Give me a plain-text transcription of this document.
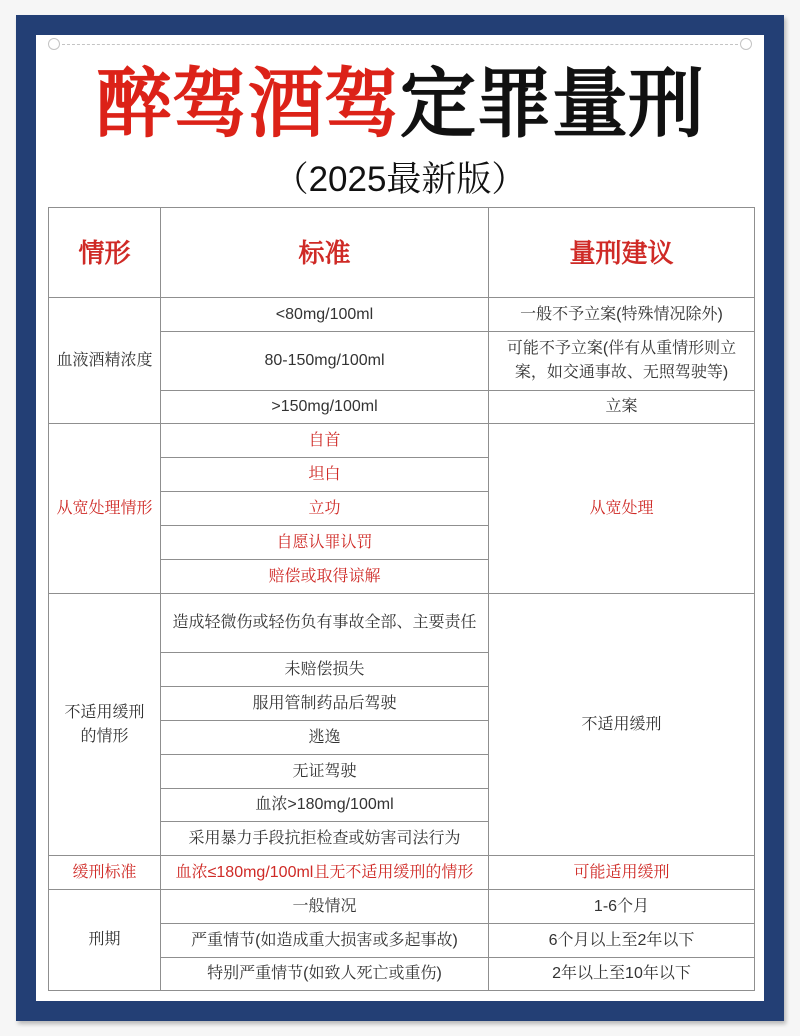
醉驾酒驾定罪量刑
（2025最新版）
情形	标准	量刑建议
血液酒精浓度	<80mg/100ml	一般不予立案(特殊情况除外)
	80-150mg/100ml	可能不予立案(伴有从重情形则立案，如交通事故、无照驾驶等)
	>150mg/100ml	立案
从宽处理情形	自首	从宽处理
	坦白	
	立功	
	自愿认罪认罚	
	赔偿或取得谅解	
不适用缓刑的情形	造成轻微伤或轻伤负有事故全部、主要责任	不适用缓刑
	未赔偿损失	
	服用管制药品后驾驶	
	逃逸	
	无证驾驶	
	血浓>180mg/100ml	
	采用暴力手段抗拒检查或妨害司法行为	
缓刑标准	血浓≤180mg/100ml且无不适用缓刑的情形	可能适用缓刑
刑期	一般情况	1-6个月
	严重情节(如造成重大损害或多起事故)	6个月以上至2年以下
	特别严重情节(如致人死亡或重伤)	2年以上至10年以下
